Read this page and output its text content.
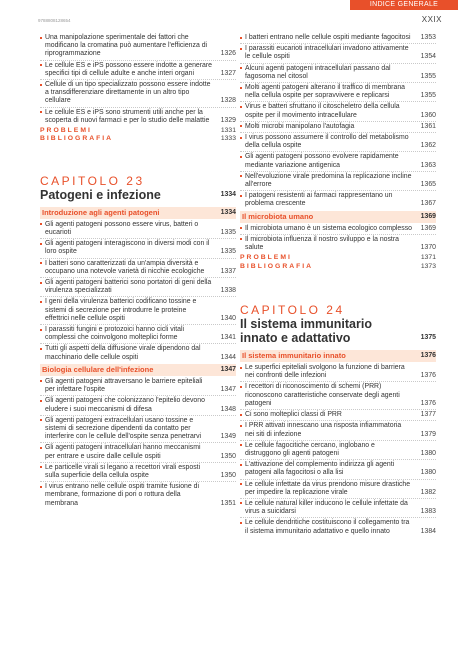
INDICE GENERALE
9788808128654	XXIX
Una manipolazione sperimentale dei fattori che modificano la cromatina può aumentare l'efficienza di riprogrammazione	1326
Le cellule ES e iPS possono essere indotte a generare specifici tipi di cellule adulte e anche interi organi	1327
Cellule di un tipo specializzato possono essere indotte a transdifferenziare direttamente in un altro tipo cellulare	1328
Le cellule ES e iPS sono strumenti utili anche per la scoperta di nuovi farmaci e per lo studio delle malattie	1329
PROBLEMI	1331
BIBLIOGRAFIA	1333
CAPITOLO 23
Patogeni e infezione	1334
Introduzione agli agenti patogeni	1334
Gli agenti patogeni possono essere virus, batteri o eucarioti	1335
Gli agenti patogeni interagiscono in diversi modi con il loro ospite	1335
I batteri sono caratterizzati da un'ampia diversità e occupano una notevole varietà di nicchie ecologiche	1337
Gli agenti patogeni batterici sono portatori di geni della virulenza specializzati	1338
I geni della virulenza batterici codificano tossine e sistemi di secrezione per introdurre le proteine effettrici nelle cellule ospiti	1340
I parassiti fungini e protozoici hanno cicli vitali complessi che coinvolgono molteplici forme	1341
Tutti gli aspetti della diffusione virale dipendono dal macchinario delle cellule ospiti	1344
Biologia cellulare dell'infezione	1347
Gli agenti patogeni attraversano le barriere epiteliali per infettare l'ospite	1347
Gli agenti patogeni che colonizzano l'epitelio devono eludere i suoi meccanismi di difesa	1348
Gli agenti patogeni extracellulari usano tossine e sistemi di secrezione dipendenti da contatto per interferire con le cellule dell'ospite senza penetrarvi	1349
Gli agenti patogeni intracellulari hanno meccanismi per entrare e uscire dalle cellule ospiti	1350
Le particelle virali si legano a recettori virali esposti sulla superficie della cellula ospite	1350
I virus entrano nelle cellule ospiti tramite fusione di membrane, formazione di pori o rottura della membrana	1351
I batteri entrano nelle cellule ospiti mediante fagocitosi	1353
I parassiti eucarioti intracellulari invadono attivamente le cellule ospiti	1354
Alcuni agenti patogeni intracellulari passano dal fagosoma nel citosol	1355
Molti agenti patogeni alterano il traffico di membrana nella cellula ospite per sopravvivere e replicarsi	1355
Virus e batteri sfruttano il citoscheletro della cellula ospite per il movimento intracellulare	1360
Molti microbi manipolano l'autofagia	1361
I virus possono assumere il controllo del metabolismo della cellula ospite	1362
Gli agenti patogeni possono evolvere rapidamente mediante variazione antigenica	1363
Nell'evoluzione virale predomina la replicazione incline all'errore	1365
I patogeni resistenti ai farmaci rappresentano un problema crescente	1367
Il microbiota umano	1369
Il microbiota umano è un sistema ecologico complesso	1369
Il microbiota influenza il nostro sviluppo e la nostra salute	1370
PROBLEMI	1371
BIBLIOGRAFIA	1373
CAPITOLO 24
Il sistema immunitario innato e adattativo	1375
Il sistema immunitario innato	1376
Le superfici epiteliali svolgono la funzione di barriera nei confronti delle infezioni	1376
I recettori di riconoscimento di schemi (PRR) riconoscono caratteristiche conservate degli agenti patogeni	1376
Ci sono molteplici classi di PRR	1377
I PRR attivati innescano una risposta infiammatoria nei siti di infezione	1379
Le cellule fagocitiche cercano, inglobano e distruggono gli agenti patogeni	1380
L'attivazione del complemento indirizza gli agenti patogeni alla fagocitosi o alla lisi	1380
Le cellule infettate da virus prendono misure drastiche per impedire la replicazione virale	1382
Le cellule natural killer inducono le cellule infettate da virus a suicidarsi	1383
Le cellule dendritiche costituiscono il collegamento tra il sistema immunitario adattativo e quello innato	1384
